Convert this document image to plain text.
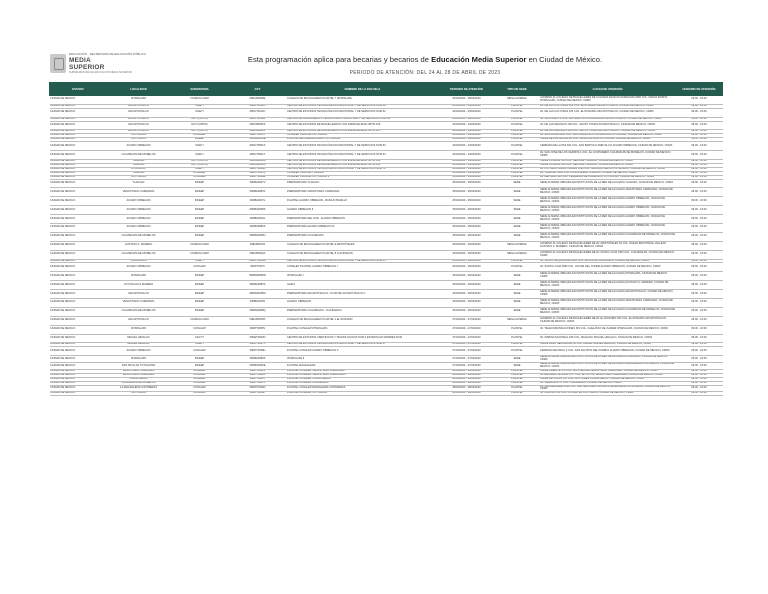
EDUCACIÓN · SECRETARÍA DE EDUCACIÓN PÚBLICA
MEDIA
SUPERIOR
SUBSECRETARÍA DE EDUCACIÓN MEDIA SUPERIOR
Esta programación aplica para becarias y becarios de Educación Media Superior en Ciudad de México.
PERIODO DE ATENCIÓN: DEL 24 AL 28 DE ABRIL DE 2023
ESTADO	LOCALIDAD	SUBSISTEMA	CCT	NOMBRE DE LA ESCUELA	PERIODO DE ATENCIÓN	TIPO DE SEDE	LUGAR DE ATENCIÓN	HORARIO DE ATENCIÓN
CIUDAD DE MEXICO	IZTAPALAPA	COLBACH HMX	09ECB0009E	COLEGIO DE BACHILLERES PLANTEL 7 IZTAPALAPA	24/04/2023 - 28/04/2023	MESA ALTERNA	ALTERNO AL COLEGIO DE BACHILLERES DE CALZADA IGNACIO ZARAGOZA 3090 COL. NUEVA ROSITA IZTAPALAPA, CUIDAD DE MEXICO, CDMX	09:00 - 16:00
CIUDAD DE MEXICO	AZCAPOTZALCO	DGETI	09DCT0012C	CENTRO DE ESTUDIOS TECNOLÓGICOS INDUSTRIAL Y DE SERVICIOS NUM 52	24/04/2023 - 24/04/2023	PLANTEL	AV. DE LAS CULTURAS 105 COL. EL ROSARIO AZCAPOTZALCO, CIUDAD DE MEXICO, CDMX	09:00 - 16:00
CIUDAD DE MEXICO	AZCAPOTZALCO	DGETI	09DCT0012C	CENTRO DE ESTUDIOS TECNOLÓGICOS INDUSTRIAL Y DE SERVICIOS NUM 52	24/04/2023 - 24/04/2023	PLANTEL	AV. DE LAS CULTURAS 105 COL. EL ROSARIO AZCAPOTZALCO, CIUDAD DE MEXICO, CDMX	09:00 - 16:00
CIUDAD DE MEXICO	AZCAPOTZALCO	DGTI (CBTIS)	09DCT0031R	CENTRO DE BACHILLERATO TECNOLÓGICO INDUSTRIAL Y DE SERVICIOS NUM 32	24/04/2023 - 24/04/2023	PLANTEL	AV. SAN PABLO 2 COL. SAN MARTIN XOCHINAHUAC AZCAPOTZALCO, CIUDAD DE MEXICO, CDMX	09:00 - 16:00
CIUDAD DE MEXICO	AZCAPOTZALCO	DGTI (CBTIS)	09DCB0056S	CENTRO DE ESTUDIOS DE BACHILLERATO CON ESPECIALIDAD CBTIS 105	24/04/2023 - 24/04/2023	PLANTEL	AV. DE LAS GRANJAS 100 COL. SANTO TOMAS AZCAPOTZALCO, CIUDAD DE MEXICO, CDMX	09:00 - 16:00
CIUDAD DE MEXICO	AZCAPOTZALCO	DGTI (CBTIS)	09DCB0012P	CENTRO DE ESTUDIOS DE BACHILLERATO CON ESPECIALIDAD CBTIS 105	24/04/2023 - 24/04/2023	PLANTEL	AV. DE LAS GRANJAS 100 COL. SANTO TOMAS AZCAPOTZALCO, CIUDAD DE MEXICO, CDMX	09:00 - 16:00
CIUDAD DE MEXICO	COYOACAN	CONALEP	09DPT0016Y	CONALEP PLANTEL COYOACÁN	24/04/2023 - 24/04/2023	PLANTEL	AV. SANTA ANA 1000 COL. SAN FRANCISCO CULHUACÁN COYOACÁN, CIUDAD DE MEXICO, CDMX	09:00 - 16:00
CIUDAD DE MEXICO	COYOACAN	INFEEP	09DBH0080E	PLANTEL DE PREPARATORIA - COYOACÁN	24/04/2023 - 24/04/2023	PLANTEL	CALLE DE LAS BRISAS 20 COL. SANTA URSULA COYOACÁN, CIUDAD DE MEXICO, CDMX	09:00 - 16:00
CIUDAD DE MEXICO	ALVARO OBREGON	DGETI	09DCT0051F	CENTRO DE ESTUDIOS TECNOLÓGICOS INDUSTRIAL Y DE SERVICIOS NUM 53	24/04/2023 - 24/04/2023	PLANTEL	CERRADA DE LA PAZ S/N COL. SAN BARTOLO AMEYALCO ALVARO OBREGON, CIUDAD DE MEXICO, CDMX	09:00 - 16:00
CIUDAD DE MEXICO	CUAJIMALPA DE MORELOS	DGETI	09DCT0021T	CENTRO DE ESTUDIOS TECNOLÓGICOS INDUSTRIAL Y DE SERVICIOS NUM 54	24/04/2023 - 24/04/2023	PLANTEL	AV. SAN JOSE DE LOS CEDROS 1 COL. EL CONTADERO CUAJIMALPA DE MORELOS, CIUDAD DE MEXICO, CDMX	09:00 - 16:00
CIUDAD DE MEXICO	TLAHUAC	DGTI (CBTIS)	09DCB0039S	CENTRO DE ESTUDIOS DE BACHILLERATO CON ESPECIALIDAD CBTIS 154	25/04/2023 - 25/04/2023	PLANTEL	CALLE CONDOR S/N COL. DEL MAR TLAHUAC, CIUDAD DE MEXICO, CDMX	09:00 - 16:00
CIUDAD DE MEXICO	TLAHUAC	DGTI (CBTIS)	09DCB0039S	CENTRO DE ESTUDIOS DE BACHILLERATO CON ESPECIALIDAD CBTIS 154	25/04/2023 - 25/04/2023	PLANTEL	CALLE CONDOR S/N COL. DEL MAR TLAHUAC, CIUDAD DE MEXICO, CDMX	09:00 - 16:00
CIUDAD DE MEXICO	IZTACALCO	DGETI	09DCT0044A	CENTRO DE ESTUDIOS TECNOLÓGICOS INDUSTRIAL Y DE SERVICIOS NUM 76	25/04/2023 - 25/04/2023	PLANTEL	AV. PLUTARCO ELIAS CALLES 1920 COL. GRANJAS MEXICO IZTACALCO, CIUDAD DE MEXICO, CDMX	09:00 - 16:00
CIUDAD DE MEXICO	TLAHUAC	CONALEP	09DPT0047Q	CONALEP PLANTEL TLAHUAC	25/04/2023 - 25/04/2023	PLANTEL	AV. TLAHUAC 5600 COL. LA NOPALERA TLAHUAC, CIUDAD DE MEXICO, CDMX	09:00 - 16:00
CIUDAD DE MEXICO	COYOACAN	CONALEP	09DPT0020E	CONALEP PLANTEL COYOACÁN II	25/04/2023 - 25/04/2023	PLANTEL	AV. DEL IMAN 580 COL. PEDREGAL DE CARRASCO COYOACÁN, CIUDAD DE MEXICO, CDMX	09:00 - 16:00
CIUDAD DE MEXICO	TLAHUAC	INFEEP	09DBH0007V	PREPARATORIA TLAHUAC	25/04/2023 - 25/04/2023	SEDE	SEDE ALTERNA UBICADA EN INSTITUCIÓN DE LA RED DE ALCALDÍA TLAHUAC, CIUDAD DE MEXICO, CDMX	09:00 - 16:00
CIUDAD DE MEXICO	VENUSTIANO CARRANZA	INFEEP	09DBH0083V	PREPARATORIA VENUSTIANO CARRANZA	25/04/2023 - 25/04/2023	SEDE	SEDE ALTERNA UBICADA EN INSTITUCIÓN DE LA RED DE ALCALDÍA VENUSTIANO CARRANZA, CIUDAD DE MEXICO, CDMX	09:00 - 16:00
CIUDAD DE MEXICO	ALVARO OBREGON	INFEEP	09DBH0037L	PLANTEL ALVARO OBREGON - BASILIO BADILLO	25/04/2023 - 25/04/2023	SEDE	SEDE ALTERNA UBICADA EN INSTITUCIÓN DE LA RED DE ALCALDÍA ALVARO OBREGON, CIUDAD DE MEXICO, CDMX	09:00 - 16:00
CIUDAD DE MEXICO	ALVARO OBREGON	INFEEP	09DBH0038K	ALVARO OBREGON II	25/04/2023 - 25/04/2023	SEDE	SEDE ALTERNA UBICADA EN INSTITUCIÓN DE LA RED DE ALCALDÍA ALVARO OBREGON, CIUDAD DE MEXICO, CDMX	09:00 - 16:00
CIUDAD DE MEXICO	ALVARO OBREGON	INFEEP	09DBH0081L	PREPARATORIA DEL SUR - ALVARO OBREGON	25/04/2023 - 25/04/2023	SEDE	SEDE ALTERNA UBICADA EN INSTITUCIÓN DE LA RED DE ALCALDÍA ALVARO OBREGON, CIUDAD DE MEXICO, CDMX	09:00 - 16:00
CIUDAD DE MEXICO	ALVARO OBREGON	INFEEP	09DBH0086S	PREPARATORIA ALVARO OBREGON III	25/04/2023 - 25/04/2023	SEDE	SEDE ALTERNA UBICADA EN INSTITUCIÓN DE LA RED DE ALCALDÍA ALVARO OBREGON, CIUDAD DE MEXICO, CDMX	09:00 - 16:00
CIUDAD DE MEXICO	CUAJIMALPA DE MORELOS	INFEEP	09DBH0008U	PREPARATORIA CUAJIMALPA	25/04/2023 - 25/04/2023	SEDE	SEDE ALTERNA UBICADA EN INSTITUCIÓN DE LA RED DE ALCALDÍA CUAJIMALPA DE MORELOS, CIUDAD DE MEXICO, CDMX	09:00 - 16:00
CIUDAD DE MEXICO	GUSTAVO A. MADERO	COLBACH HMX	09ECB0004J	COLEGIO DE BACHILLERES PLANTEL 9 ARISTÓTELES	26/04/2023 - 26/04/2023	MESA ALTERNA	ALTERNO AL COLEGIO DE BACHILLERES DE AV. ARISTÓTELES 64 COL. NUEVA INDUSTRIAL VALLEJO GUSTAVO A. MADERO, CIUDAD DE MEXICO, CDMX	09:00 - 16:00
CIUDAD DE MEXICO	CUAJIMALPA DE MORELOS	COLBACH HMX	09ECB0020A	COLEGIO DE BACHILLERES PLANTEL 8 CUAJIMALPA	26/04/2023 - 26/04/2023	MESA ALTERNA	ALTERNO AL COLEGIO DE BACHILLERES DE AV. SANTA LUCIA 7900 COL. CUAJIMALPA, CIUDAD DE MEXICO, CDMX	09:00 - 16:00
CIUDAD DE MEXICO	CUAJIMALPA	DGETI	09DCT0043B	CENTRO DE ESTUDIOS TECNOLÓGICOS INDUSTRIAL Y DE SERVICIOS NUM 55	26/04/2023 - 26/04/2023	PLANTEL	AV. VASCO DE QUIROGA 3000 COL. SANTA FE CUAJIMALPA, CIUDAD DE MEXICO, CDMX	09:00 - 16:00
CIUDAD DE MEXICO	ALVARO OBREGON	CONALEP	09DPT0037I	CONALEP PLANTEL ALVARO OBREGON I	26/04/2023 - 26/04/2023	PLANTEL	AV. SANTA LUCIA 1680 COL. OLIVAR DEL CONDE ALVARO OBREGON, CIUDAD DE MEXICO, CDMX	09:00 - 16:00
CIUDAD DE MEXICO	IZTAPALAPA	INFEEP	09DBH0082W	IZTAPALAPA I	26/04/2023 - 26/04/2023	SEDE	SEDE ALTERNA UBICADA EN INSTITUCIÓN DE LA RED DE ALCALDÍA IZTAPALAPA, CIUDAD DE MEXICO, CDMX	09:00 - 16:00
CIUDAD DE MEXICO	COYOACAN & MADERO	INFEEP	09DBH0087R	GAM II	26/04/2023 - 26/04/2023	SEDE	SEDE ALTERNA UBICADA EN INSTITUCIÓN DE LA RED DE ALCALDÍA GUSTAVO A. MADERO, CIUDAD DE MEXICO, CDMX	09:00 - 16:00
CIUDAD DE MEXICO	AZCAPOTZALCO	INFEEP	09DBH0036M	PREPARATORIA AZCAPOTZALCO - PLANTEL AZCAPOTZALCO 1	26/04/2023 - 26/04/2023	SEDE	SEDE ALTERNA UBICADA EN INSTITUCIÓN DE LA RED DE ALCALDÍA AZCAPOTZALCO, CIUDAD DE MEXICO, CDMX	09:00 - 16:00
CIUDAD DE MEXICO	VENUSTIANO CARRANZA	INFEEP	09DBH0039J	ALVARO OBREGON	26/04/2023 - 26/04/2023	SEDE	SEDE ALTERNA UBICADA EN INSTITUCIÓN DE LA RED DE ALCALDÍA VENUSTIANO CARRANZA, CIUDAD DE MEXICO, CDMX	09:00 - 16:00
CIUDAD DE MEXICO	CUAJIMALPA DE MORELOS	INFEEP	09DBH0088Q	PREPARATORIA CUAJIMALPA - CUAJIMALPA	26/04/2023 - 26/04/2023	SEDE	SEDE ALTERNA UBICADA EN INSTITUCIÓN DE LA RED DE ALCALDÍA CUAJIMALPA DE MORELOS, CIUDAD DE MEXICO, CDMX	09:00 - 16:00
CIUDAD DE MEXICO	AZCAPOTZALCO	COLBACH HMX	09ECB0015P	COLEGIO DE BACHILLERES PLANTEL 1 EL ROSARIO	27/04/2023 - 27/04/2023	MESA ALTERNA	ALTERNO AL COLEGIO DE BACHILLERES DE AV. EL ROSARIO S/N COL. EL ROSARIO AZCAPOTZALCO, CIUDAD DE MEXICO, CDMX	09:00 - 16:00
CIUDAD DE MEXICO	IZTAPALAPA	CONALEP	09DPT0059V	PLANTEL CONALEP IZTAPALAPA	27/04/2023 - 27/04/2023	PLANTEL	AV. TELECOMUNICACIONES S/N COL. GUELATAO DE JUAREZ IZTAPALAPA, CIUDAD DE MEXICO, CDMX	09:00 - 16:00
CIUDAD DE MEXICO	MIGUEL HIDALGO	CECYT	09DET0003N	CENTRO DE ESTUDIOS CIENTIFICOS Y TECNOLOGICOS NUM 3 ESTANISLAO RAMIREZ RUIZ	27/04/2023 - 27/04/2023	PLANTEL	AV. MARINA NACIONAL 180 COL. ANAHUAC MIGUEL HIDALGO, CIUDAD DE MEXICO, CDMX	09:00 - 16:00
CIUDAD DE MEXICO	MIGUEL HIDALGO	DGETI	09DCT0047X	CENTRO DE ESTUDIOS TECNOLÓGICOS INDUSTRIAL Y DE SERVICIOS NUM 57	27/04/2023 - 27/04/2023	PLANTEL	CALLE LAGO NEUCHATEL 50 COL. PENSIL MIGUEL HIDALGO, CIUDAD DE MEXICO, CDMX	09:00 - 16:00
CIUDAD DE MEXICO	ALVARO OBREGON	CONALEP	09DPT0038H	PLANTEL CONALEP ALVARO OBREGON II	27/04/2023 - 27/04/2023	PLANTEL	CERRADA DE PIRUL 3 COL. SAN AGUSTIN DEL PUEBLO ALVARO OBREGON, CIUDAD DE MEXICO, CDMX	09:00 - 16:00
CIUDAD DE MEXICO	IZTAPALAPA	INFEEP	09DBH0089P	IZTAPALAPA II	27/04/2023 - 27/04/2023	SEDE	SEDE ALTERNA UBICADA EN INSTITUCIÓN DE LA RED DE ALCALDÍA IZTAPALAPA, CIUDAD DE MEXICO, CDMX	09:00 - 16:00
CIUDAD DE MEXICO	SAN NICOLAS TOTOLAPAN	INFEEP	09DBH0090E	PLANTEL MAGDALENA	27/04/2023 - 27/04/2023	SEDE	SEDE ALTERNA UBICADA EN INSTITUCIÓN DE LA RED DE ALCALDÍA MAGDALENA CONTRERAS, CIUDAD DE MEXICO, CDMX	09:00 - 16:00
CIUDAD DE MEXICO	VENUSTIANO CARRANZA	CONALEP	09DPT0041V	PLANTEL CONALEP VENUSTIANO CARRANZA I	28/04/2023 - 28/04/2023	PLANTEL	CALLE ORIENTE 172 COL. MOCTEZUMA VENUSTIANO CARRANZA, CIUDAD DE MEXICO, CDMX	09:00 - 16:00
CIUDAD DE MEXICO	VENUSTIANO CARRANZA	CONALEP	09DPT0042U	PLANTEL CONALEP VENUSTIANO CARRANZA II	28/04/2023 - 28/04/2023	PLANTEL	AV. EDUARDO MOLINA 1577 COL. EL COYOL VENUSTIANO CARRANZA, CIUDAD DE MEXICO, CDMX	09:00 - 16:00
CIUDAD DE MEXICO	CUAUHTEMOC	CONALEP	09DPT0026Y	PLANTEL CONALEP CUAUHTEMOC	28/04/2023 - 28/04/2023	PLANTEL	CALLE DR. LUCIO 151 COL. DOCTORES CUAUHTEMOC, CIUDAD DE MEXICO, CDMX	09:00 - 16:00
CIUDAD DE MEXICO	CUAJIMALPA DE MORELOS	CONALEP	09DPT0027X	PLANTEL CONALEP CUAJIMALPA	28/04/2023 - 28/04/2023	PLANTEL	AV. VERACRUZ 27 COL. CUAJIMALPA, CIUDAD DE MEXICO, CDMX	09:00 - 16:00
CIUDAD DE MEXICO	LA MAGDALENA CONTRERAS	CONALEP	09DPT0033O	PLANTEL CONALEP MAGDALENA CONTRERAS	28/04/2023 - 28/04/2023	PLANTEL	AV. SAN BERNABE 1010 COL. SAN JERONIMO LIDICE LA MAGDALENA CONTRERAS, CIUDAD DE MEXICO, CDMX	09:00 - 16:00
CIUDAD DE MEXICO	COYOACAN	CONALEP	09DPT0019P	PLANTEL CONALEP COYOACAN	28/04/2023 - 28/04/2023	PLANTEL	AV. PACIFICO 80 COL. LOS REYES COYOACAN, CIUDAD DE MEXICO, CDMX	09:00 - 16:00
